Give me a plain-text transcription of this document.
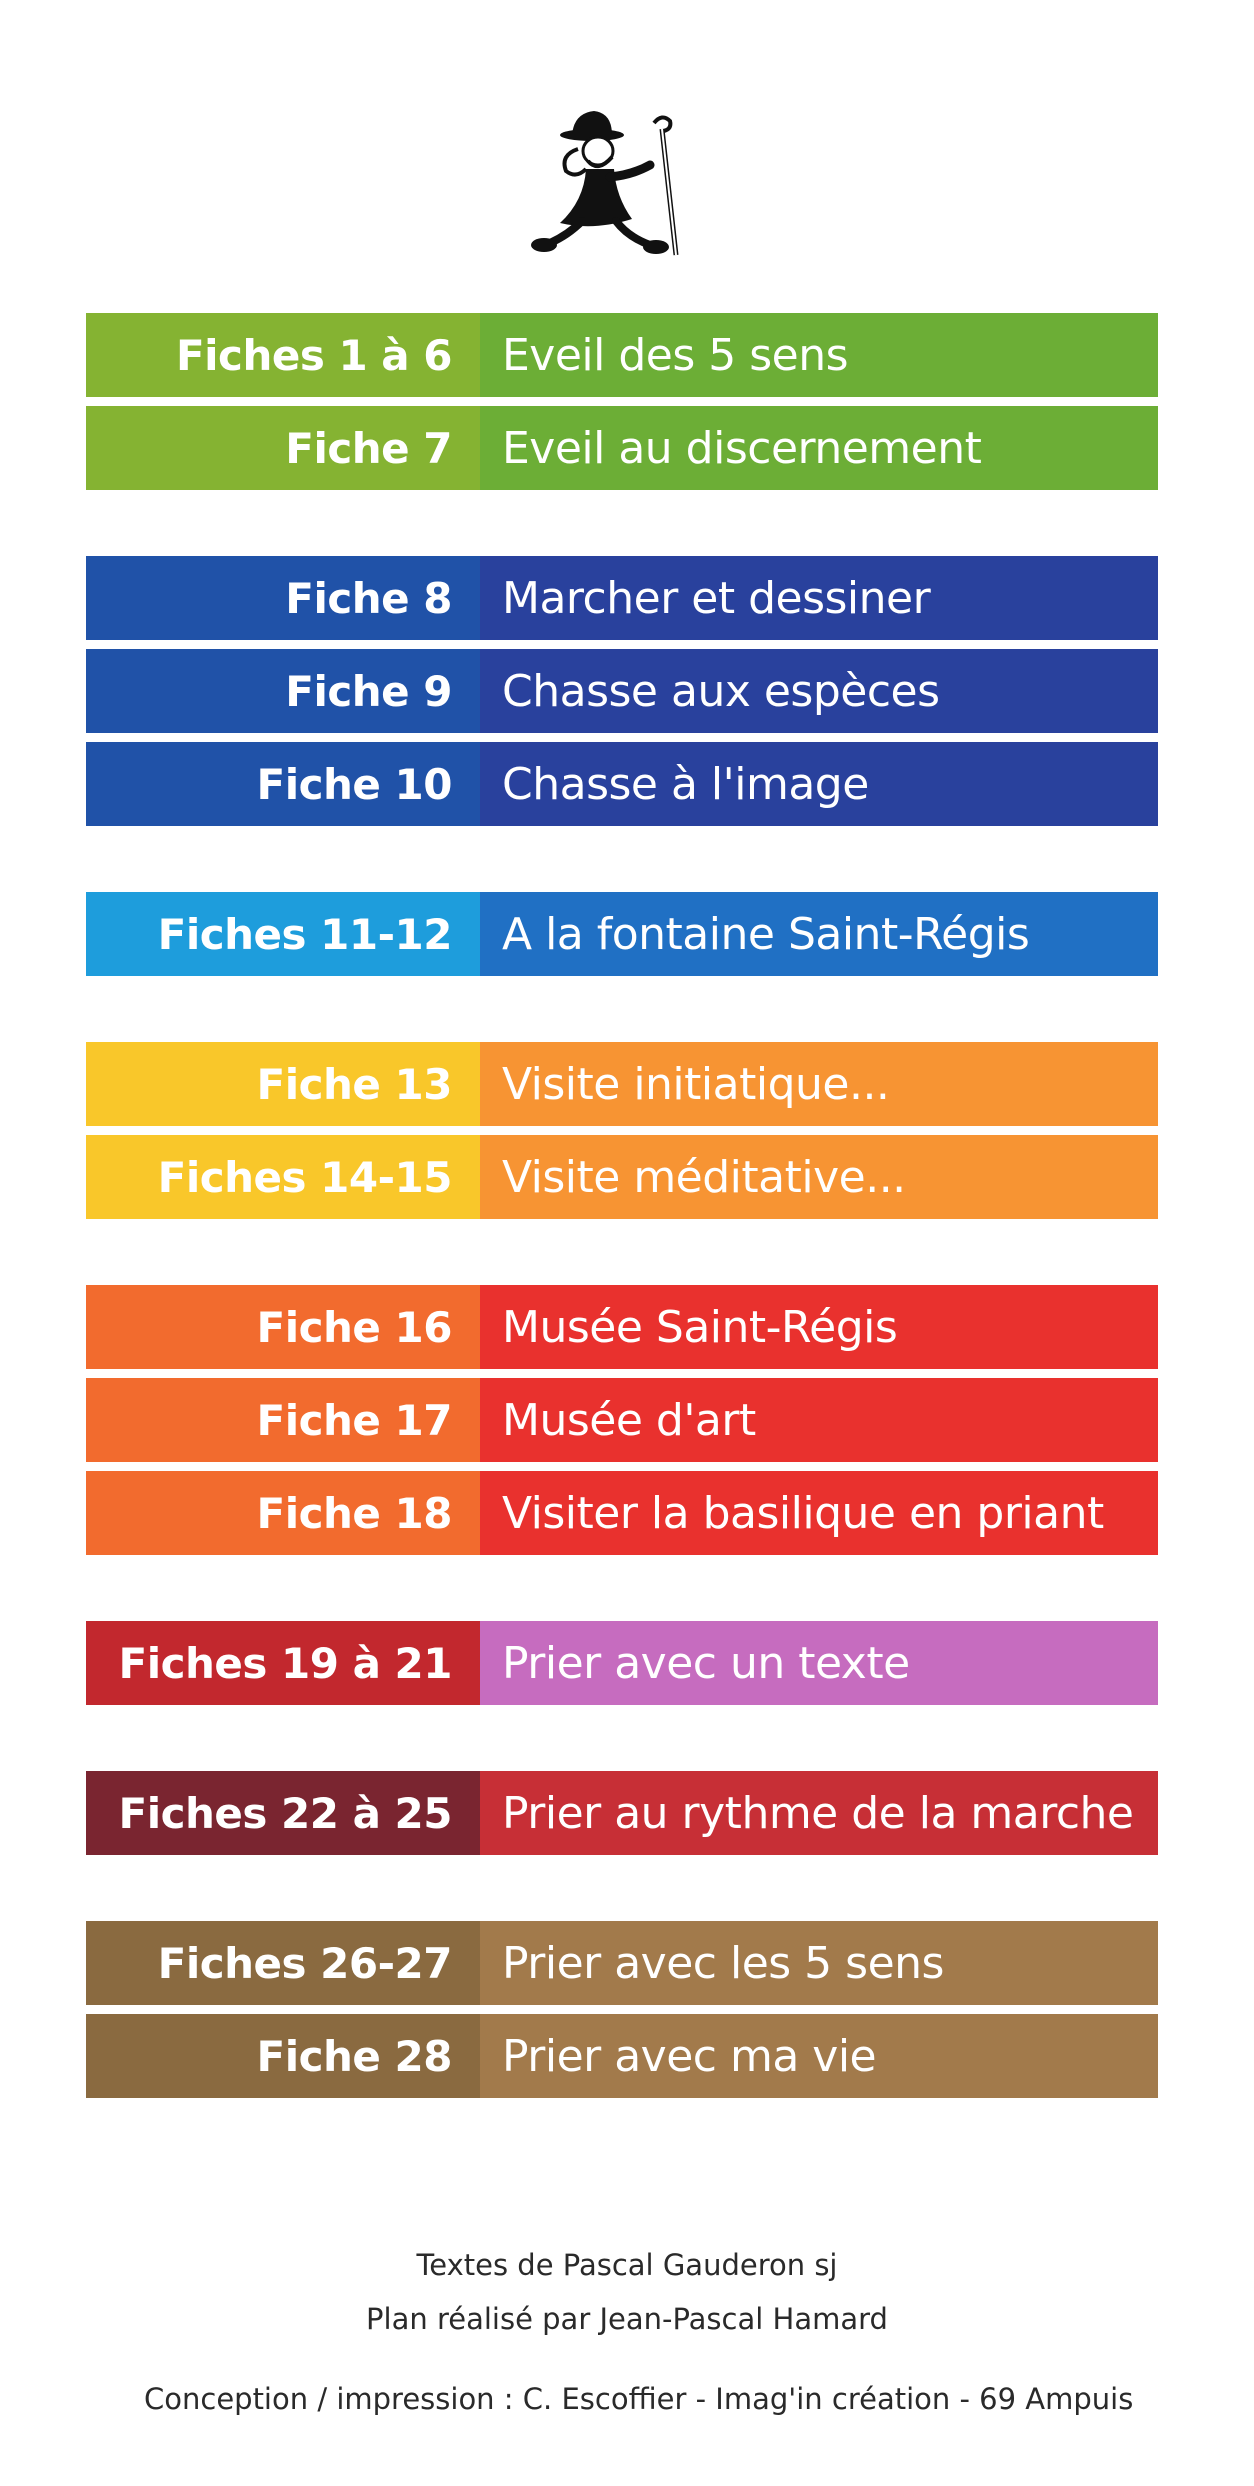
Fiches 1 à 6	Eveil des 5 sens
Fiche 7	Eveil au discernement
Fiche 8	Marcher et dessiner
Fiche 9	Chasse aux espèces
Fiche 10	Chasse à l'image
Fiches 11-12	A la fontaine Saint-Régis
Fiche 13	Visite initiatique...
Fiches 14-15	Visite méditative...
Fiche 16	Musée Saint-Régis
Fiche 17	Musée d'art
Fiche 18	Visiter la basilique en priant
Fiches 19 à 21	Prier avec un texte
Fiches 22 à 25	Prier au rythme de la marche
Fiches 26-27	Prier avec les 5 sens
Fiche 28	Prier avec ma vie
Textes de Pascal Gauderon sj
Plan réalisé par Jean-Pascal Hamard
Conception / impression : C. Escoffier - Imag'in création - 69 Ampuis
